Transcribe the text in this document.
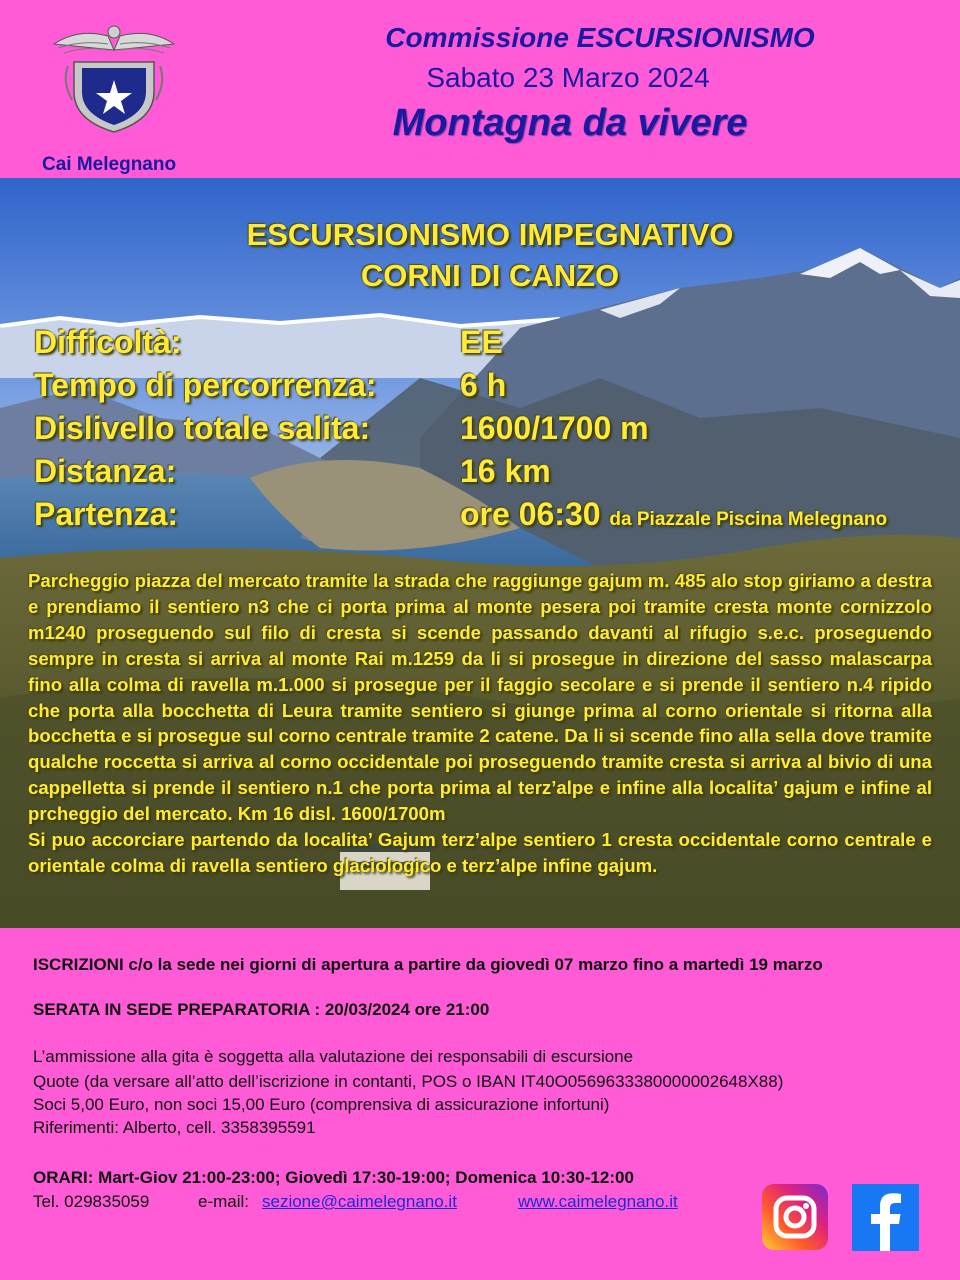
Cai Melegnano
Commissione ESCURSIONISMO
Sabato 23 Marzo 2024
Montagna da vivere
ESCURSIONISMO IMPEGNATIVO
CORNI DI CANZO
Difficoltà:	EE
Tempo di percorrenza:	6 h
Dislivello totale salita:	1600/1700 m
Distanza:	16 km
Partenza:	ore 06:30 da Piazzale Piscina Melegnano

Parcheggio piazza del mercato tramite la strada che raggiunge gajum m. 485 alo stop giriamo a destra e prendiamo il sentiero n3 che ci porta prima al monte pesera poi tramite cresta monte cornizzolo m1240 proseguendo sul filo di cresta si scende passando davanti al rifugio s.e.c. proseguendo sempre in cresta si arriva al monte Rai m.1259 da li si prosegue in direzione del sasso malascarpa fino alla colma di ravella m.1.000 si prosegue per il faggio secolare e si prende il sentiero n.4 ripido che porta alla bocchetta di Leura tramite sentiero si giunge prima al corno orientale si ritorna alla bocchetta e si prosegue sul corno centrale tramite 2 catene. Da li si scende fino alla sella dove tramite qualche roccetta si arriva al corno occidentale poi proseguendo tramite cresta si arriva al bivio di una cappelletta si prende il sentiero n.1 che porta prima al terz’alpe e infine alla localita’ gajum e infine al prcheggio del mercato. Km 16 disl. 1600/1700m

Si puo accorciare partendo da localita’ Gajum terz’alpe sentiero 1 cresta occidentale corno centrale e orientale colma di ravella sentiero glaciologico e terz’alpe infine gajum.

ISCRIZIONI c/o la sede nei giorni di apertura a partire da giovedì 07 marzo fino a martedì 19 marzo
SERATA IN SEDE PREPARATORIA : 20/03/2024 ore 21:00
L’ammissione alla gita è soggetta alla valutazione dei responsabili di escursione
Quote (da versare all’atto dell’iscrizione in contanti, POS o IBAN IT40O0569633380000002648X88)
Soci 5,00 Euro, non soci 15,00 Euro (comprensiva di assicurazione infortuni)
Riferimenti: Alberto, cell. 3358395591
ORARI: Mart-Giov 21:00-23:00; Giovedì 17:30-19:00; Domenica 10:30-12:00
Tel. 029835059	e-mail: sezione@caimelegnano.it	www.caimelegnano.it
